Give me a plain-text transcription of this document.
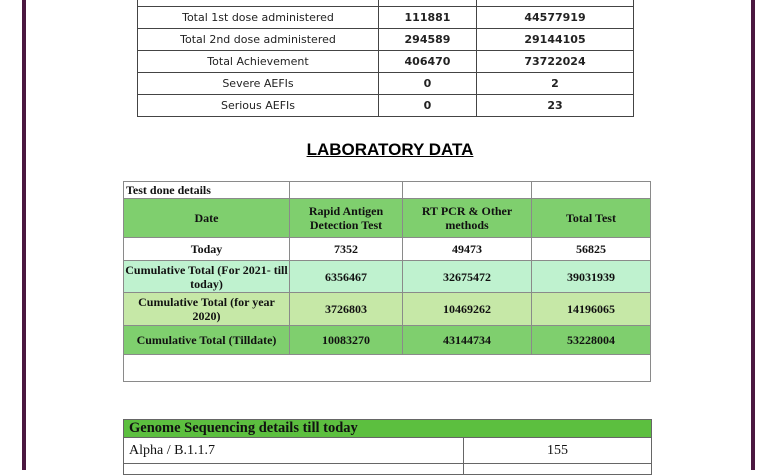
Total 1st dose administered	111881	44577919
Total 2nd dose administered	294589	29144105
Total Achievement	406470	73722024
Severe AEFIs	0	2
Serious AEFIs	0	23
LABORATORY DATA
Test done details			
Date	Rapid Antigen Detection Test	RT PCR & Other methods	Total Test
Today	7352	49473	56825
Cumulative Total (For 2021- till today)	6356467	32675472	39031939
Cumulative Total (for year 2020)	3726803	10469262	14196065
Cumulative Total (Tilldate)	10083270	43144734	53228004

Genome Sequencing details till today	
Alpha / B.1.1.7	155
